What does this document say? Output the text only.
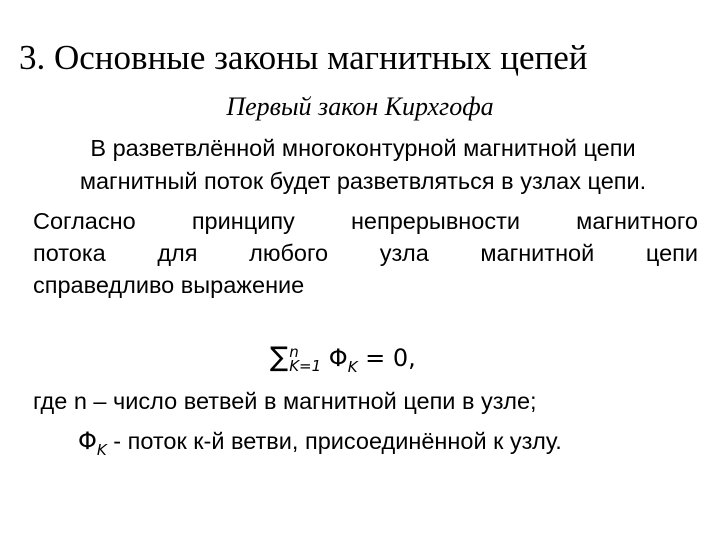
3. Основные законы магнитных цепей
Первый закон Кирхгофа
В разветвлённой многоконтурной магнитной цепи
магнитный поток будет разветвляться в узлах цепи.
Согласно принципу непрерывности магнитного
потока для любого узла магнитной цепи
справедливо выражение
∑ n
K=1 $\Phi_K = 0$,
где n – число ветвей в магнитной цепи в узле;
$\Phi_K$ - поток к-й ветви, присоединённой к узлу.
